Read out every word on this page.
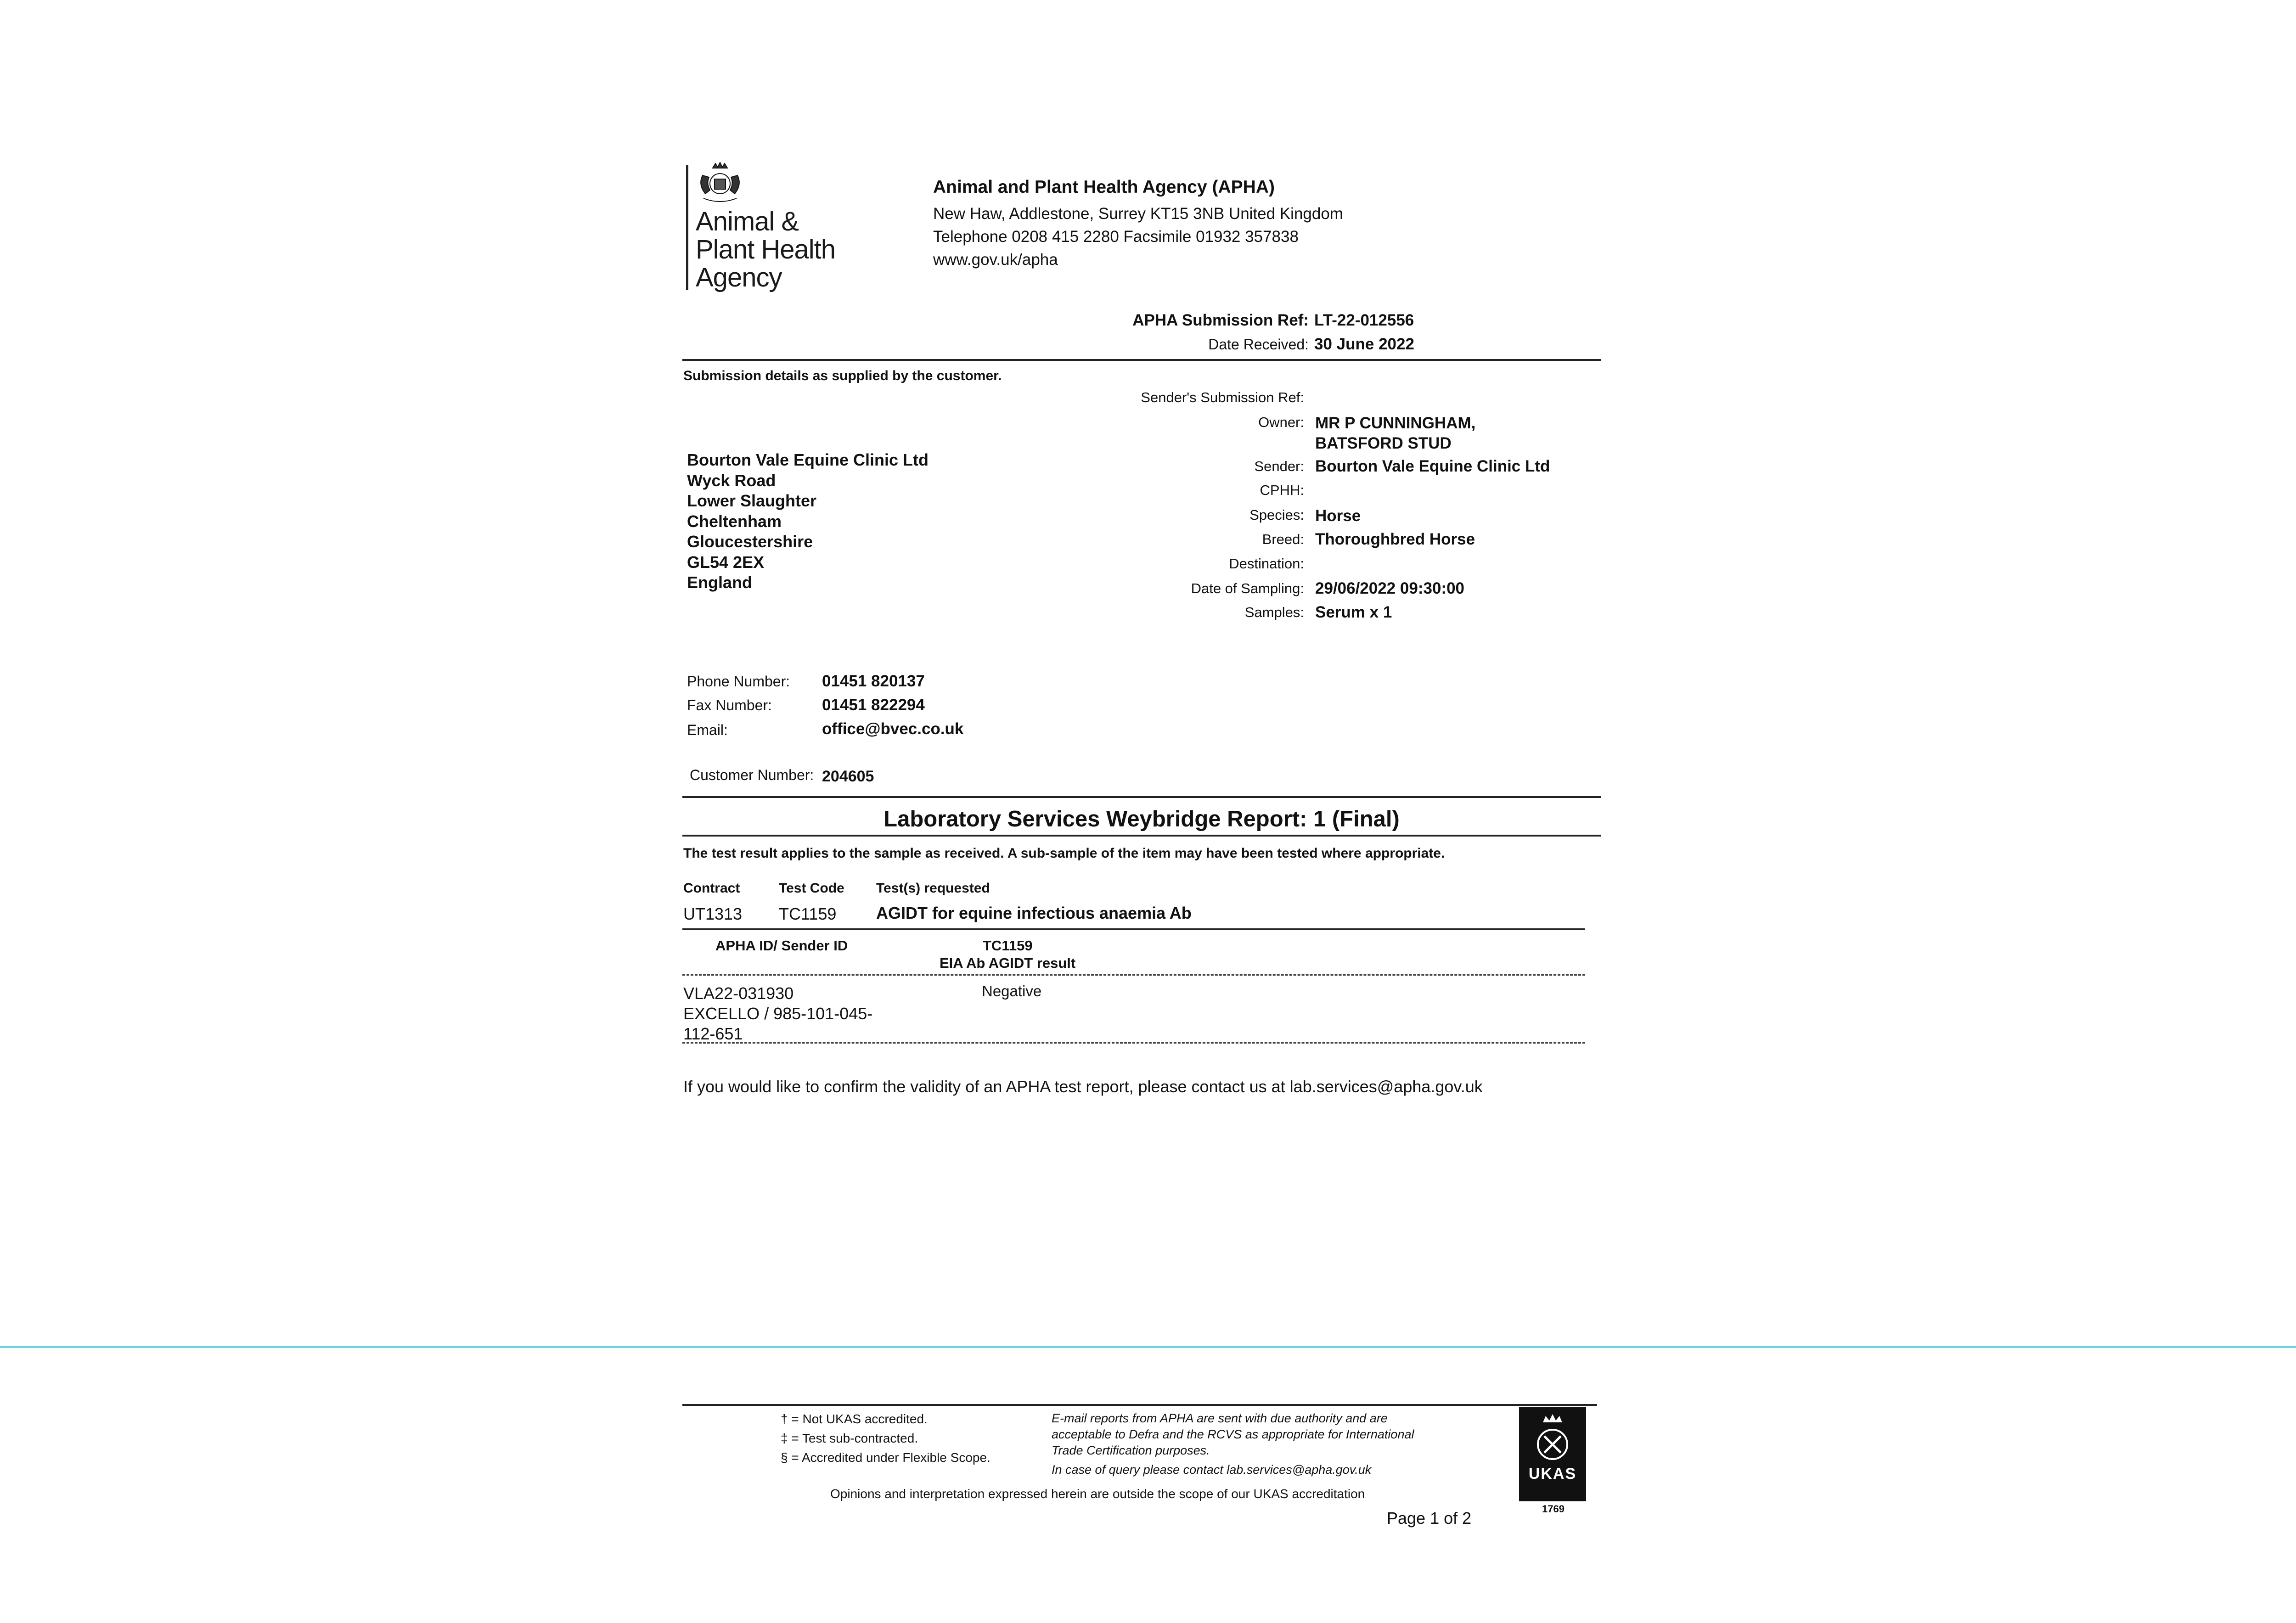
Animal &
Plant Health
Agency
Animal and Plant Health Agency (APHA)
New Haw, Addlestone, Surrey KT15 3NB United Kingdom
Telephone 0208 415 2280 Facsimile 01932 357838
www.gov.uk/apha
APHA Submission Ref: LT-22-012556
Date Received: 30 June 2022
Submission details as supplied by the customer.
Sender's Submission Ref:
Owner: MR P CUNNINGHAM,
BATSFORD STUD
Sender: Bourton Vale Equine Clinic Ltd
CPHH:
Species: Horse
Breed: Thoroughbred Horse
Destination:
Date of Sampling: 29/06/2022 09:30:00
Samples: Serum x 1
Bourton Vale Equine Clinic Ltd
Wyck Road
Lower Slaughter
Cheltenham
Gloucestershire
GL54 2EX
England
Phone Number: 01451 820137
Fax Number:	01451 822294
Email:	office@bvec.co.uk
Customer Number: 204605
Laboratory Services Weybridge Report: 1 (Final)
The test result applies to the sample as received. A sub-sample of the item may have been tested where appropriate.
Contract	Test Code Test(s) requested
UT1313 TC1159 AGIDT for equine infectious anaemia Ab
APHA ID/ Sender ID	TC1159
EIA Ab AGIDT result
VLA22-031930
EXCELLO / 985-101-045-
112-651
Negative
If you would like to confirm the validity of an APHA test report, please contact us at lab.services@apha.gov.uk
† = Not UKAS accredited.
‡ = Test sub-contracted.
§ = Accredited under Flexible Scope.
E-mail reports from APHA are sent with due authority and are
acceptable to Defra and the RCVS as appropriate for International
Trade Certification purposes.
In case of query please contact lab.services@apha.gov.uk
Opinions and interpretation expressed herein are outside the scope of our UKAS accreditation
Page 1 of 2
UKAS
1769
